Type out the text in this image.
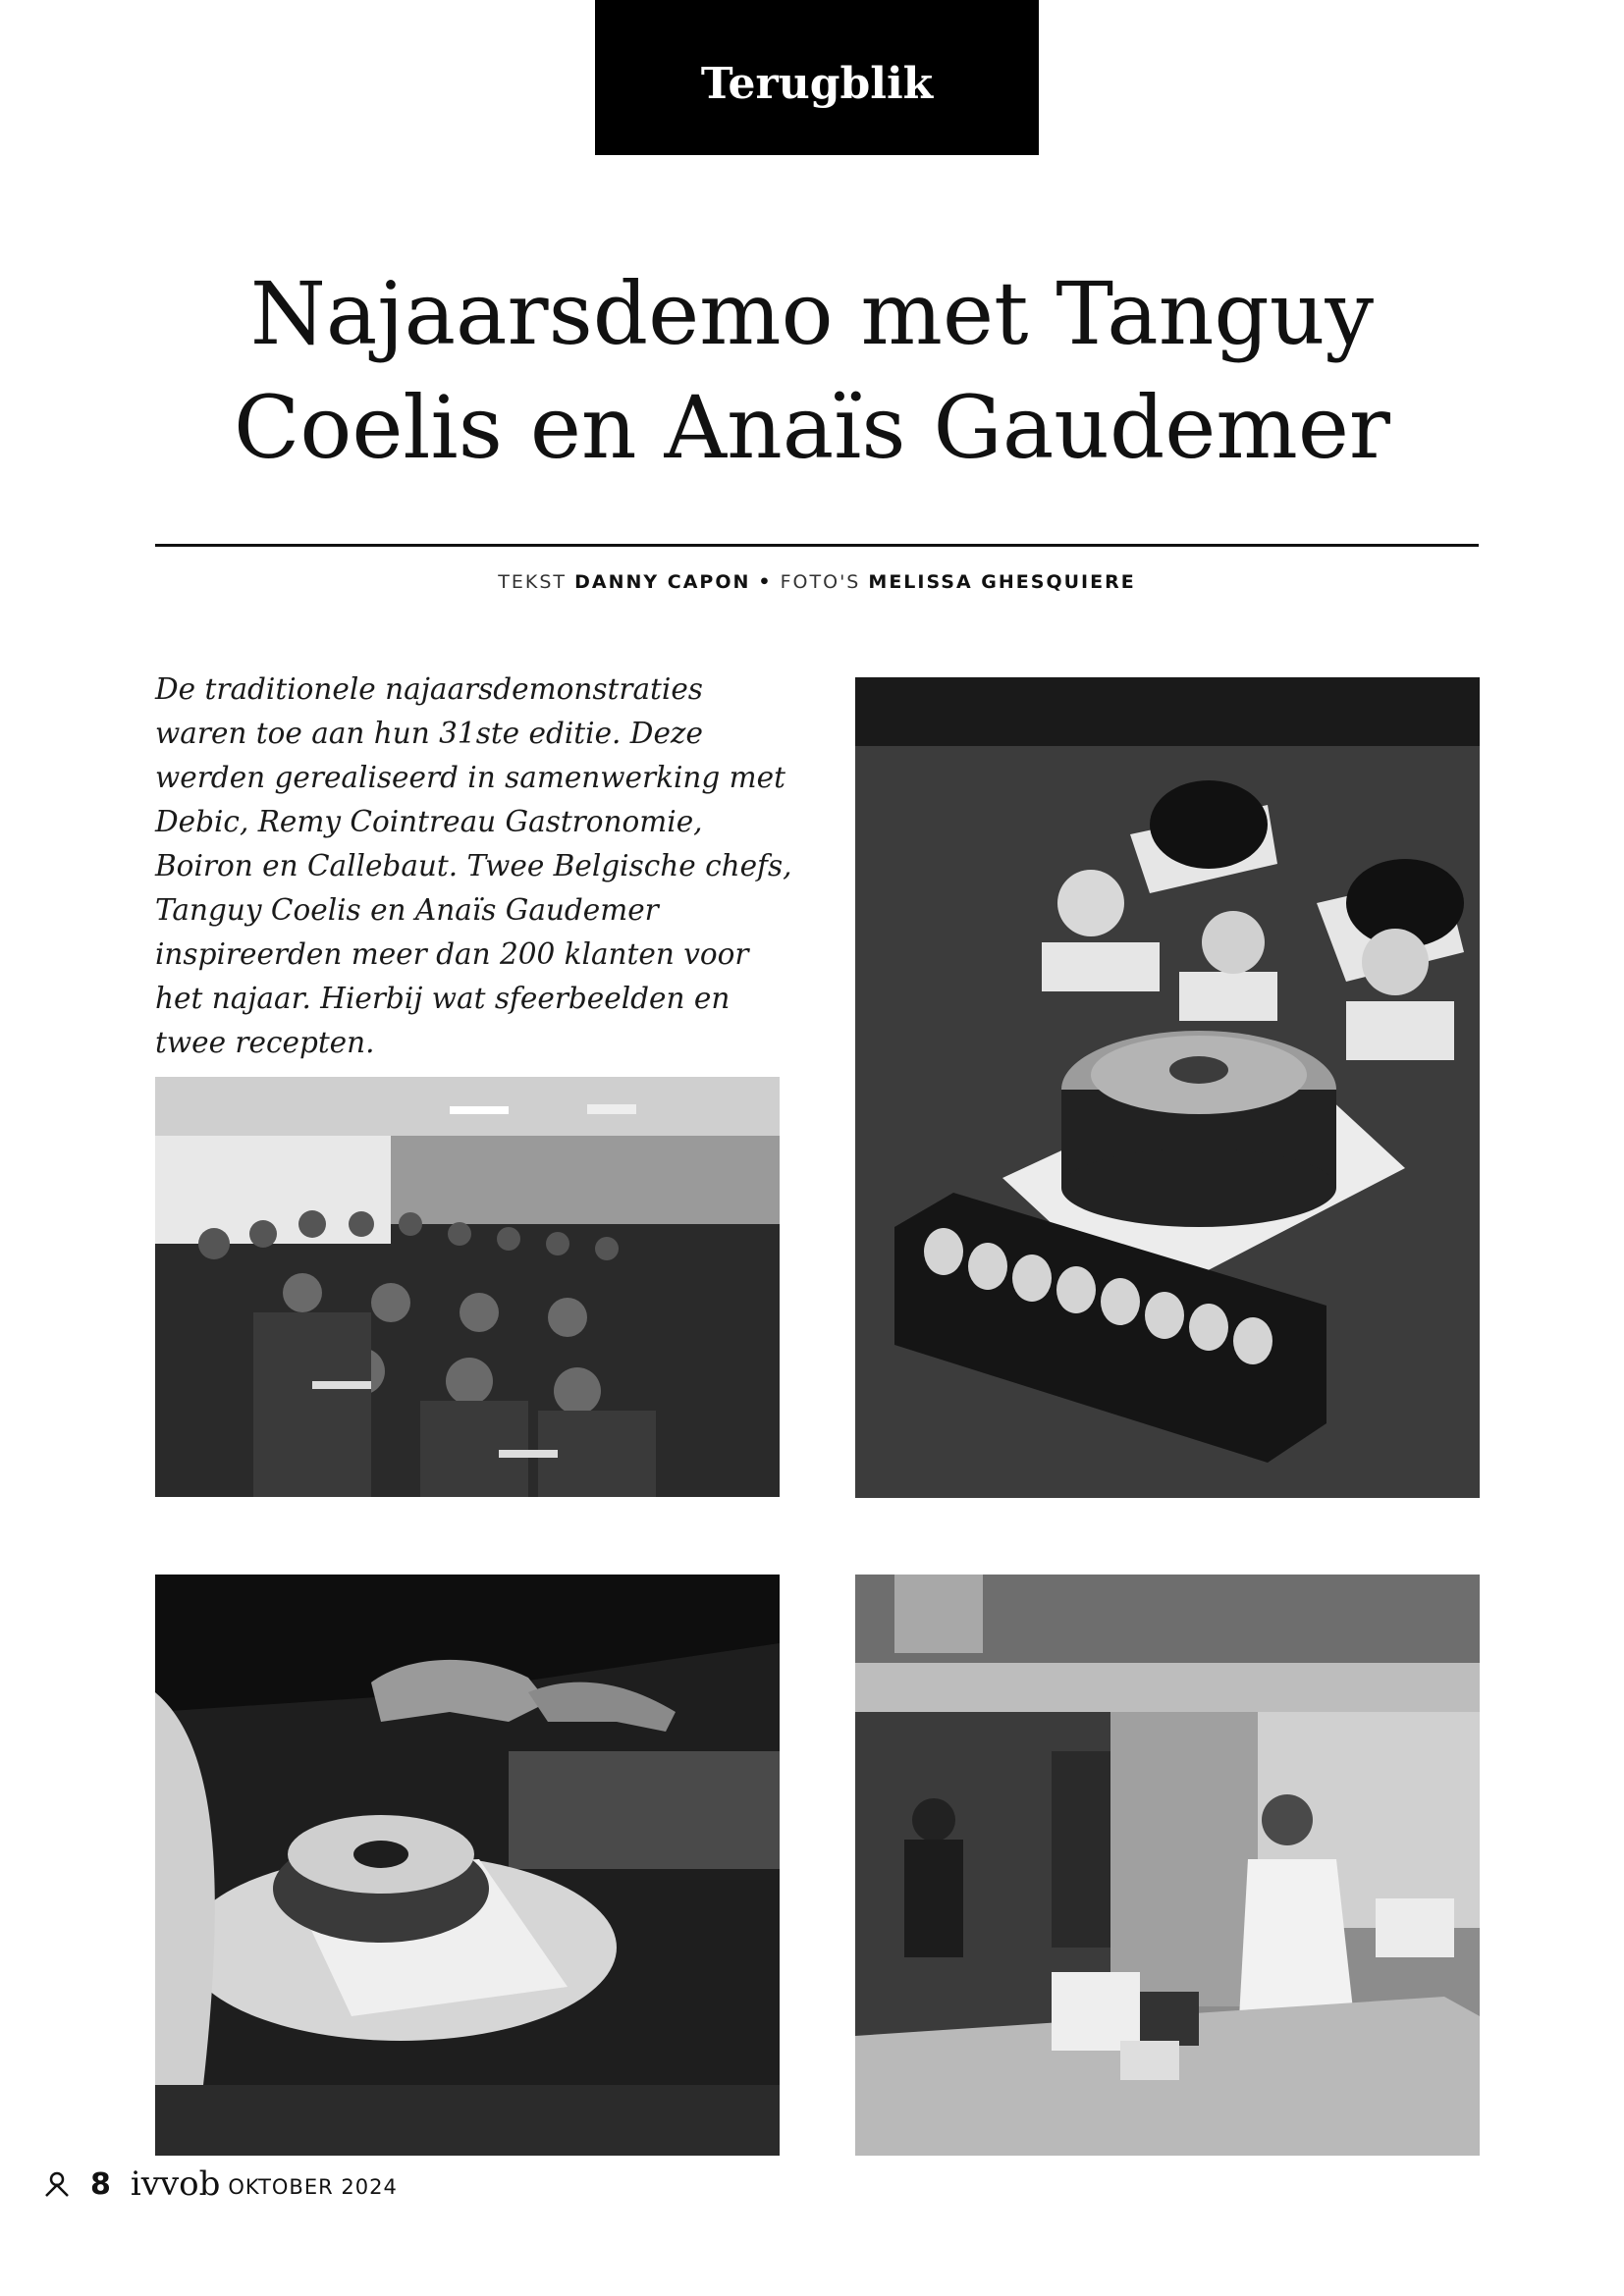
Terugblik
Najaarsdemo met Tanguy Coelis en Anaïs Gaudemer
TEKST DANNY CAPON • FOTO'S MELISSA GHESQUIERE

De traditionele najaarsdemonstraties waren toe aan hun 31ste editie. Deze werden gerealiseerd in samenwerking met Debic, Remy Cointreau Gastronomie, Boiron en Callebaut. Twee Belgische chefs, Tanguy Coelis en Anaïs Gaudemer inspireerden meer dan 200 klanten voor het najaar. Hierbij wat sfeerbeelden en twee recepten.

8 ivvob OKTOBER 2024
